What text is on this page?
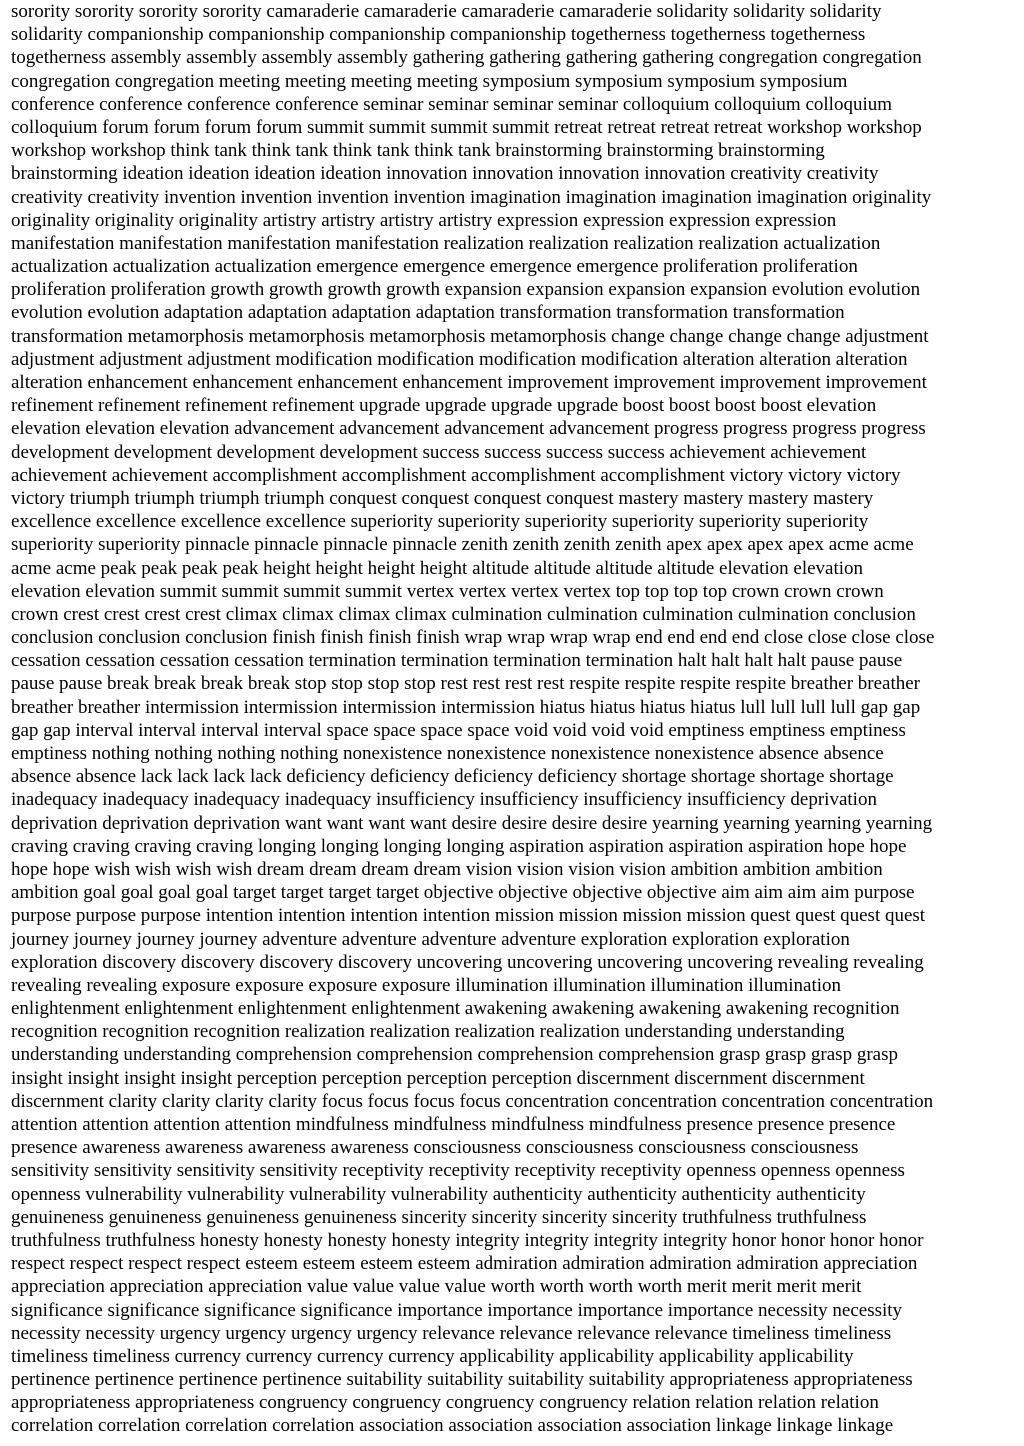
sorority sorority sorority sorority camaraderie camaraderie camaraderie camaraderie solidarity solidarity solidarity
solidarity companionship companionship companionship companionship togetherness togetherness togetherness
togetherness assembly assembly assembly assembly gathering gathering gathering gathering congregation congregation
congregation congregation meeting meeting meeting meeting symposium symposium symposium symposium
conference conference conference conference seminar seminar seminar seminar colloquium colloquium colloquium
colloquium forum forum forum forum summit summit summit summit retreat retreat retreat retreat workshop workshop
workshop workshop think tank think tank think tank think tank brainstorming brainstorming brainstorming
brainstorming ideation ideation ideation ideation innovation innovation innovation innovation creativity creativity
creativity creativity invention invention invention invention imagination imagination imagination imagination originality
originality originality originality artistry artistry artistry artistry expression expression expression expression
manifestation manifestation manifestation manifestation realization realization realization realization actualization
actualization actualization actualization emergence emergence emergence emergence proliferation proliferation
proliferation proliferation growth growth growth growth expansion expansion expansion expansion evolution evolution
evolution evolution adaptation adaptation adaptation adaptation transformation transformation transformation
transformation metamorphosis metamorphosis metamorphosis metamorphosis change change change change adjustment
adjustment adjustment adjustment modification modification modification modification alteration alteration alteration
alteration enhancement enhancement enhancement enhancement improvement improvement improvement improvement
refinement refinement refinement refinement upgrade upgrade upgrade upgrade boost boost boost boost elevation
elevation elevation elevation advancement advancement advancement advancement progress progress progress progress
development development development development success success success success achievement achievement
achievement achievement accomplishment accomplishment accomplishment accomplishment victory victory victory
victory triumph triumph triumph triumph conquest conquest conquest conquest mastery mastery mastery mastery
excellence excellence excellence excellence superiority superiority superiority superiority superiority superiority
superiority superiority pinnacle pinnacle pinnacle pinnacle zenith zenith zenith zenith apex apex apex apex acme acme
acme acme peak peak peak peak height height height height altitude altitude altitude altitude elevation elevation
elevation elevation summit summit summit summit vertex vertex vertex vertex top top top top crown crown crown
crown crest crest crest crest climax climax climax climax culmination culmination culmination culmination conclusion
conclusion conclusion conclusion finish finish finish finish wrap wrap wrap wrap end end end end close close close close
cessation cessation cessation cessation termination termination termination termination halt halt halt halt pause pause
pause pause break break break break stop stop stop stop rest rest rest rest respite respite respite respite breather breather
breather breather intermission intermission intermission intermission hiatus hiatus hiatus hiatus lull lull lull lull gap gap
gap gap interval interval interval interval space space space space void void void void emptiness emptiness emptiness
emptiness nothing nothing nothing nothing nonexistence nonexistence nonexistence nonexistence absence absence
absence absence lack lack lack lack deficiency deficiency deficiency deficiency shortage shortage shortage shortage
inadequacy inadequacy inadequacy inadequacy insufficiency insufficiency insufficiency insufficiency deprivation
deprivation deprivation deprivation want want want want desire desire desire desire yearning yearning yearning yearning
craving craving craving craving longing longing longing longing aspiration aspiration aspiration aspiration hope hope
hope hope wish wish wish wish dream dream dream dream vision vision vision vision ambition ambition ambition
ambition goal goal goal goal target target target target objective objective objective objective aim aim aim aim purpose
purpose purpose purpose intention intention intention intention mission mission mission mission quest quest quest quest
journey journey journey journey adventure adventure adventure adventure exploration exploration exploration
exploration discovery discovery discovery discovery uncovering uncovering uncovering uncovering revealing revealing
revealing revealing exposure exposure exposure exposure illumination illumination illumination illumination
enlightenment enlightenment enlightenment enlightenment awakening awakening awakening awakening recognition
recognition recognition recognition realization realization realization realization understanding understanding
understanding understanding comprehension comprehension comprehension comprehension grasp grasp grasp grasp
insight insight insight insight perception perception perception perception discernment discernment discernment
discernment clarity clarity clarity clarity focus focus focus focus concentration concentration concentration concentration
attention attention attention attention mindfulness mindfulness mindfulness mindfulness presence presence presence
presence awareness awareness awareness awareness consciousness consciousness consciousness consciousness
sensitivity sensitivity sensitivity sensitivity receptivity receptivity receptivity receptivity openness openness openness
openness vulnerability vulnerability vulnerability vulnerability authenticity authenticity authenticity authenticity
genuineness genuineness genuineness genuineness sincerity sincerity sincerity sincerity truthfulness truthfulness
truthfulness truthfulness honesty honesty honesty honesty integrity integrity integrity integrity honor honor honor honor
respect respect respect respect esteem esteem esteem esteem admiration admiration admiration admiration appreciation
appreciation appreciation appreciation value value value value worth worth worth worth merit merit merit merit
significance significance significance significance importance importance importance importance necessity necessity
necessity necessity urgency urgency urgency urgency relevance relevance relevance relevance timeliness timeliness
timeliness timeliness currency currency currency currency applicability applicability applicability applicability
pertinence pertinence pertinence pertinence suitability suitability suitability suitability appropriateness appropriateness
appropriateness appropriateness congruency congruency congruency congruency relation relation relation relation
correlation correlation correlation correlation association association association association linkage linkage linkage
